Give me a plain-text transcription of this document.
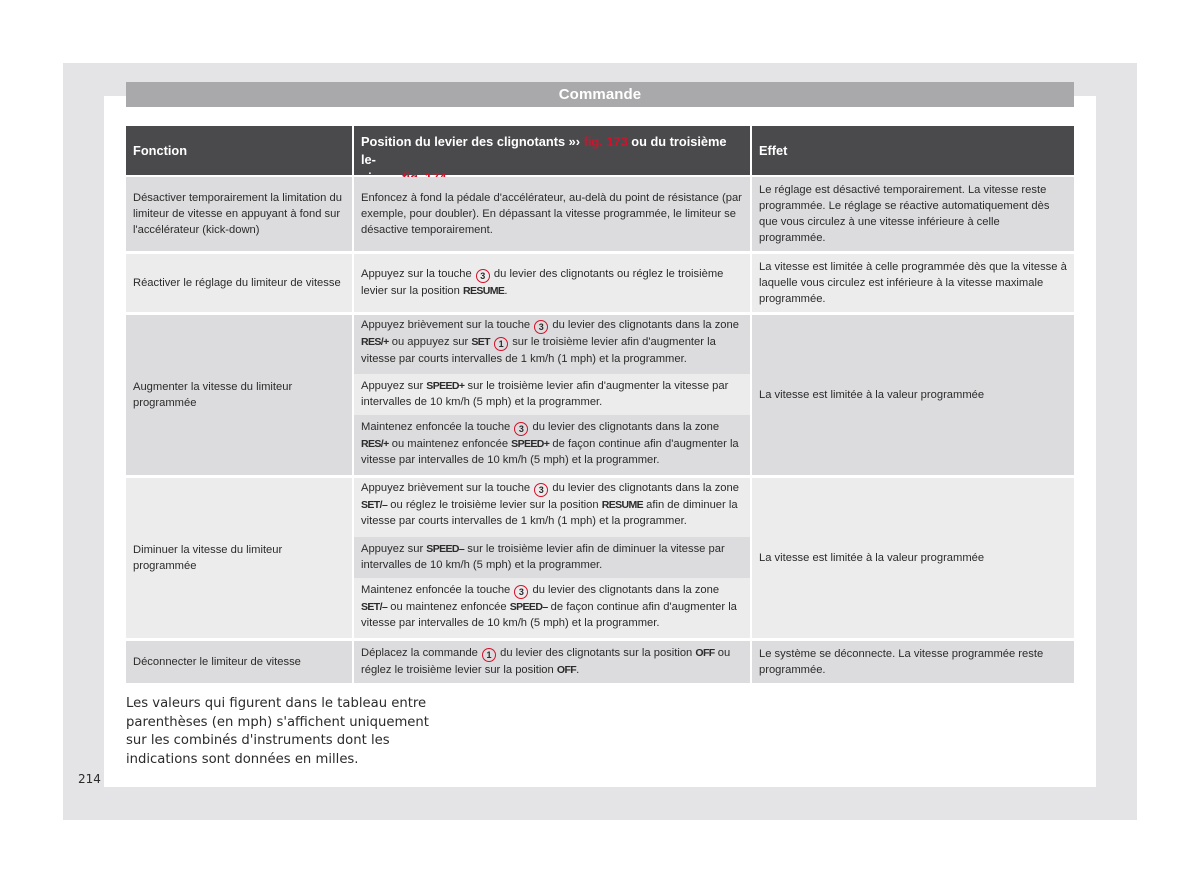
Commande
Fonction
Position du levier des clignotants »› fig. 173 ou du troisième le-

Effet
Désactiver temporairement la limitation du limiteur de vitesse en appuyant à fond sur l'accélérateur (kick-down)
Enfoncez à fond la pédale d'accélérateur, au-delà du point de résistance (par exemple, pour doubler). En dépassant la vitesse programmée, le limiteur se désactive temporairement.
Le réglage est désactivé temporairement. La vitesse reste programmée. Le réglage se réactive automatiquement dès que vous circulez à une vitesse inférieure à celle programmée.
Réactiver le réglage du limiteur de vitesse
Appuyez sur la touche 3 du levier des clignotants ou réglez le troisième levier sur la position RESUME.
La vitesse est limitée à celle programmée dès que la vitesse à laquelle vous circulez est inférieure à la vitesse maximale programmée.
Augmenter la vitesse du limiteur programmée
Appuyez brièvement sur la touche 3 du levier des clignotants dans la zone RES/+ ou appuyez sur SET 1 sur le troisième levier afin d'augmenter la vitesse par courts intervalles de 1 km/h (1 mph) et la programmer.
Appuyez sur SPEED+ sur le troisième levier afin d'augmenter la vitesse par intervalles de 10 km/h (5 mph) et la programmer.
Maintenez enfoncée la touche 3 du levier des clignotants dans la zone RES/+ ou maintenez enfoncée SPEED+ de façon continue afin d'augmenter la vitesse par intervalles de 10 km/h (5 mph) et la programmer.
La vitesse est limitée à la valeur programmée
Diminuer la vitesse du limiteur programmée
Appuyez brièvement sur la touche 3 du levier des clignotants dans la zone SET/– ou réglez le troisième levier sur la position RESUME afin de diminuer la vitesse par courts intervalles de 1 km/h (1 mph) et la programmer.
Appuyez sur SPEED– sur le troisième levier afin de diminuer la vitesse par intervalles de 10 km/h (5 mph) et la programmer.
Maintenez enfoncée la touche 3 du levier des clignotants dans la zone SET/– ou maintenez enfoncée SPEED– de façon continue afin d'augmenter la vitesse par intervalles de 10 km/h (5 mph) et la programmer.
La vitesse est limitée à la valeur programmée
Déconnecter le limiteur de vitesse
Déplacez la commande 1 du levier des clignotants sur la position OFF ou réglez le troisième levier sur la position OFF.
Le système se déconnecte. La vitesse programmée reste programmée.
Les valeurs qui figurent dans le tableau entre parenthèses (en mph) s'affichent uniquement sur les combinés d'instruments dont les indications sont données en milles.
214
